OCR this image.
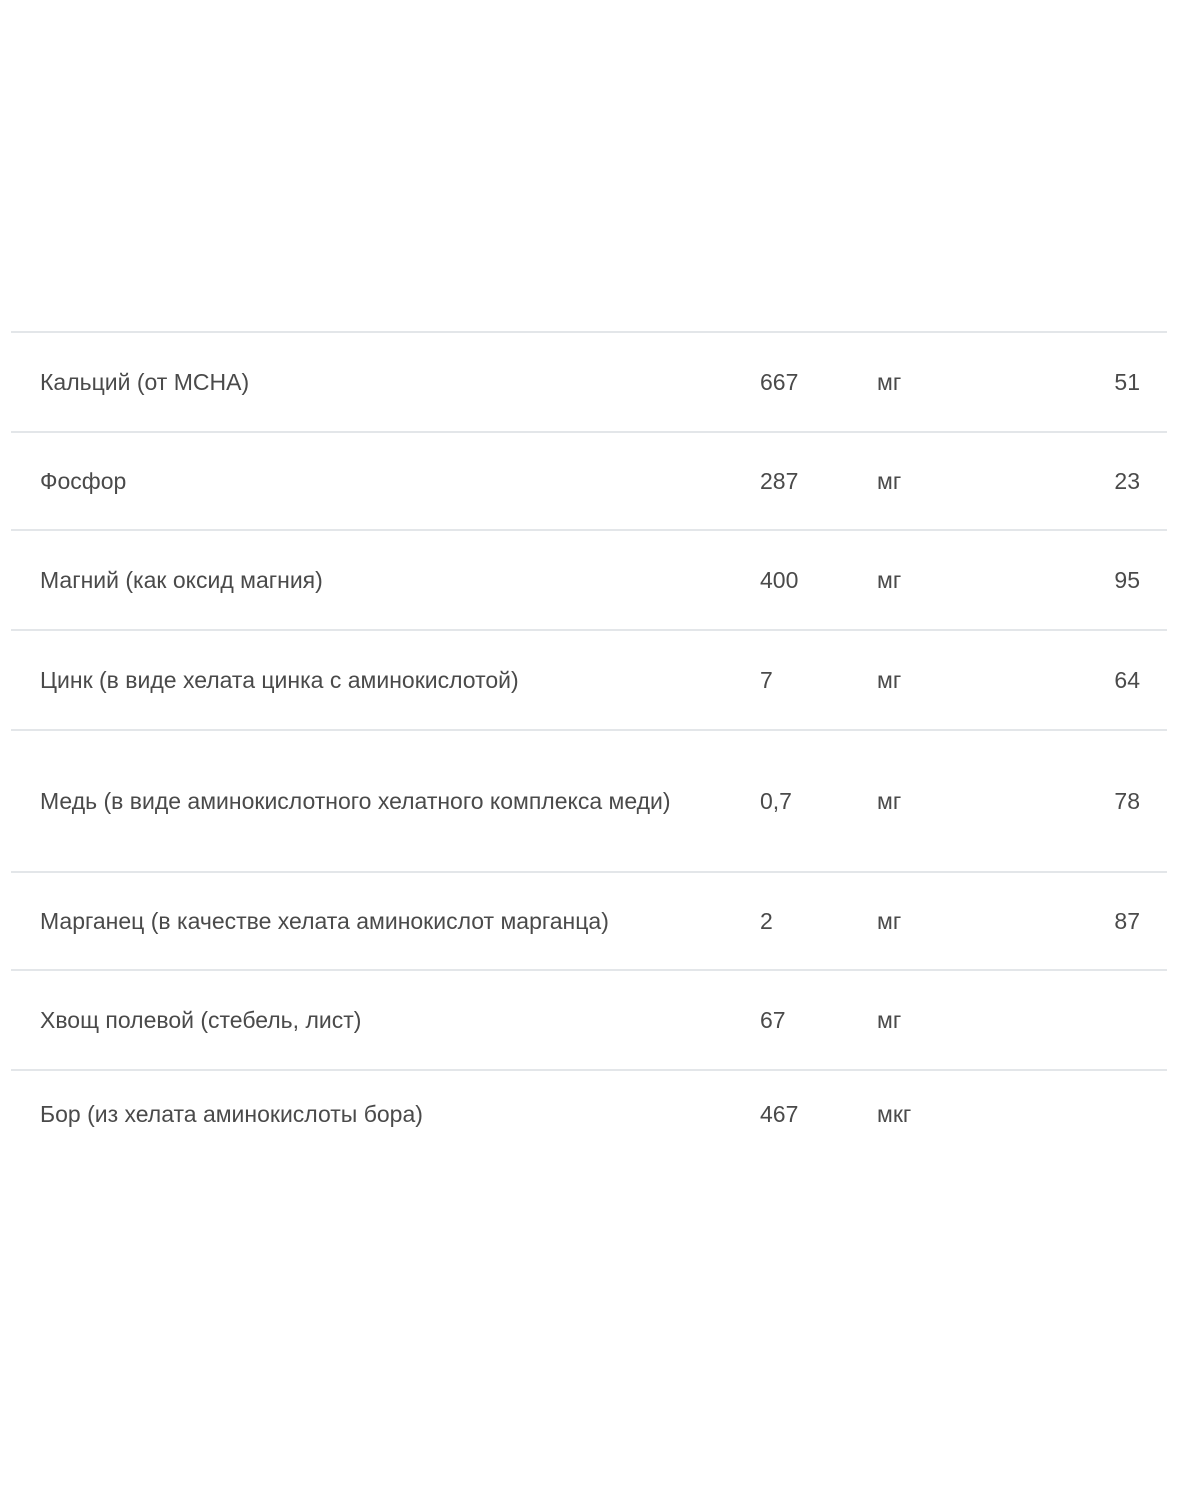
Кальций (от MCHA)	667	мг	51
Фосфор	287	мг	23
Магний (как оксид магния)	400	мг	95
Цинк (в виде хелата цинка с аминокислотой)	7	мг	64
Медь (в виде аминокислотного хелатного комплекса меди)	0,7	мг	78
Марганец (в качестве хелата аминокислот марганца)	2	мг	87
Хвощ полевой (стебель, лист)	67	мг
Бор (из хелата аминокислоты бора)	467	мкг
